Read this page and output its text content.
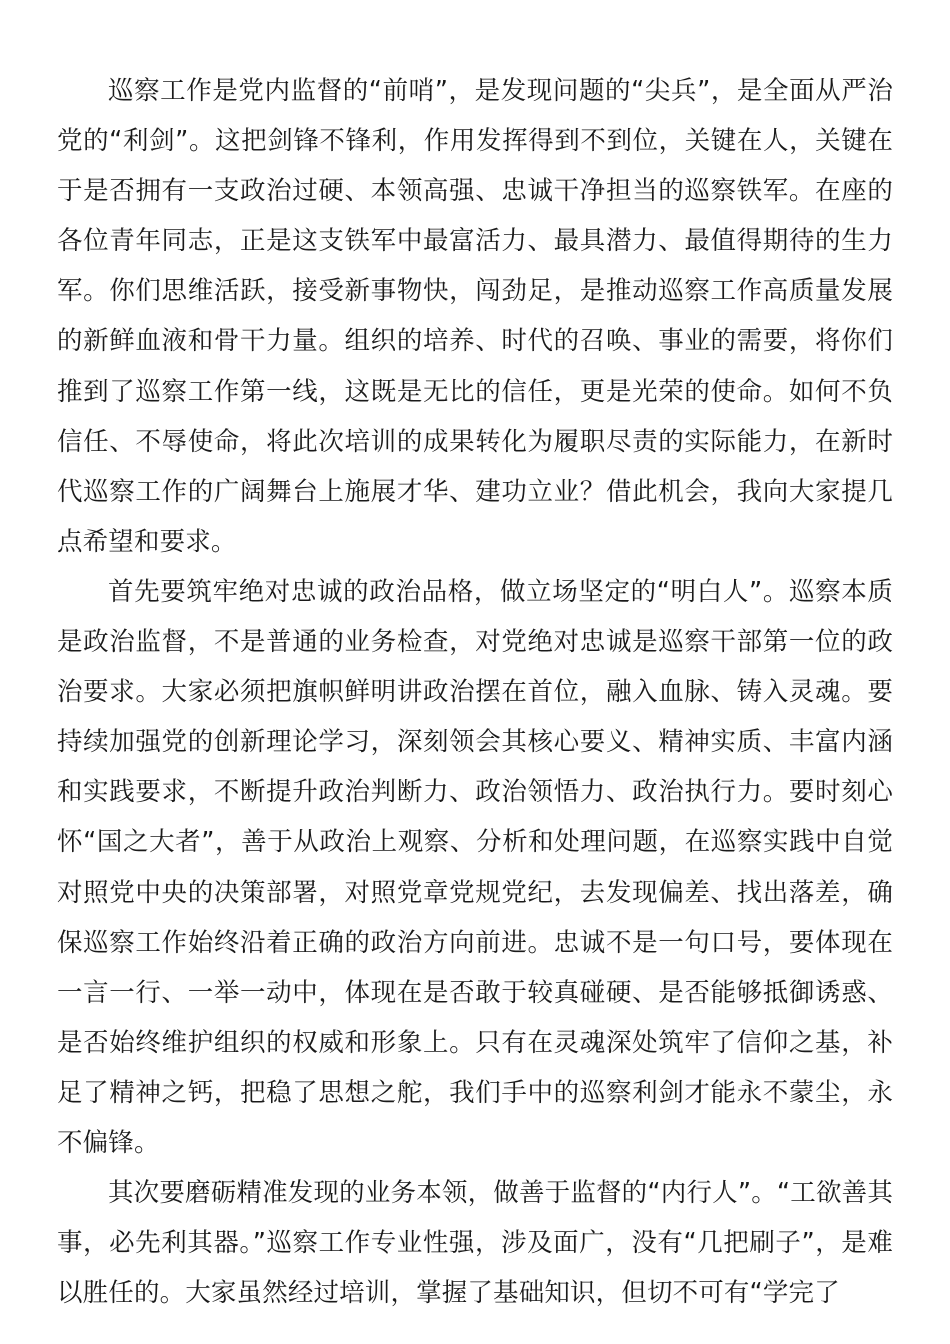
巡察工作是党内监督的“前哨”，是发现问题的“尖兵”，是全面从严治党的“利剑”。这把剑锋不锋利，作用发挥得到不到位，关键在人，关键在于是否拥有一支政治过硬、本领高强、忠诚干净担当的巡察铁军。在座的各位青年同志，正是这支铁军中最富活力、最具潜力、最值得期待的生力军。你们思维活跃，接受新事物快，闯劲足，是推动巡察工作高质量发展的新鲜血液和骨干力量。组织的培养、时代的召唤、事业的需要，将你们推到了巡察工作第一线，这既是无比的信任，更是光荣的使命。如何不负信任、不辱使命，将此次培训的成果转化为履职尽责的实际能力，在新时代巡察工作的广阔舞台上施展才华、建功立业？借此机会，我向大家提几点希望和要求。

首先要筑牢绝对忠诚的政治品格，做立场坚定的“明白人”。巡察本质是政治监督，不是普通的业务检查，对党绝对忠诚是巡察干部第一位的政治要求。大家必须把旗帜鲜明讲政治摆在首位，融入血脉、铸入灵魂。要持续加强党的创新理论学习，深刻领会其核心要义、精神实质、丰富内涵和实践要求，不断提升政治判断力、政治领悟力、政治执行力。要时刻心怀“国之大者”，善于从政治上观察、分析和处理问题，在巡察实践中自觉对照党中央的决策部署，对照党章党规党纪，去发现偏差、找出落差，确保巡察工作始终沿着正确的政治方向前进。忠诚不是一句口号，要体现在一言一行、一举一动中，体现在是否敢于较真碰硬、是否能够抵御诱惑、是否始终维护组织的权威和形象上。只有在灵魂深处筑牢了信仰之基，补足了精神之钙，把稳了思想之舵，我们手中的巡察利剑才能永不蒙尘，永不偏锋。

其次要磨砺精准发现的业务本领，做善于监督的“内行人”。“工欲善其事，必先利其器。”巡察工作专业性强，涉及面广，没有“几把刷子”，是难以胜任的。大家虽然经过培训，掌握了基础知识，但切不可有“学完了
